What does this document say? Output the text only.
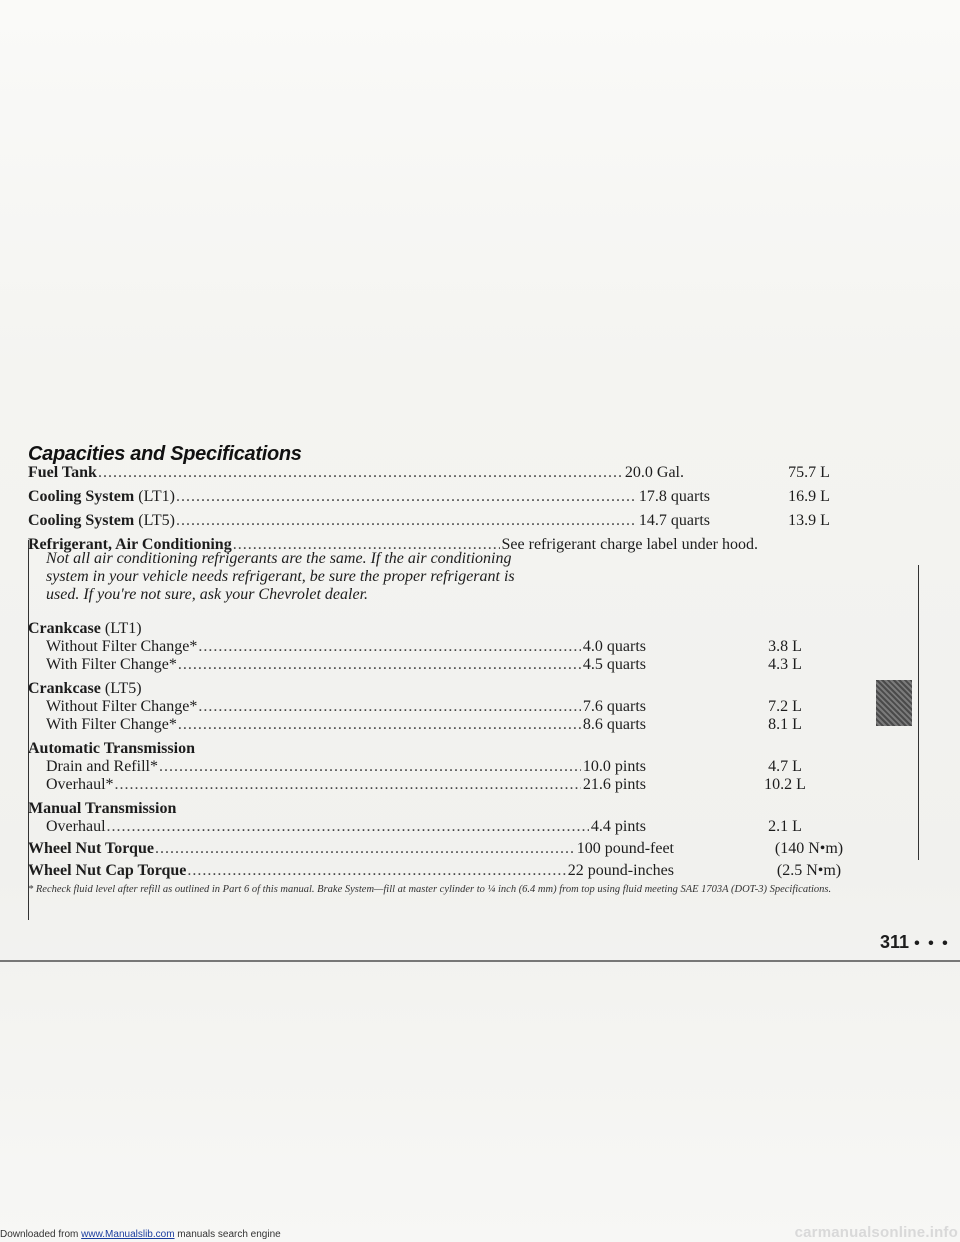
Capacities and Specifications
Fuel Tank .....	20.0 Gal.	75.7 L
Cooling System (LT1) .....	17.8 quarts	16.9 L
Cooling System (LT5) .....	14.7 quarts	13.9 L
Refrigerant, Air Conditioning .....	See refrigerant charge label under hood.

Not all air conditioning refrigerants are the same. If the air conditioning system in your vehicle needs refrigerant, be sure the proper refrigerant is used. If you're not sure, ask your Chevrolet dealer.

Crankcase (LT1)
Without Filter Change* .....	4.0 quarts	3.8 L
With Filter Change* .....	4.5 quarts	4.3 L
Crankcase (LT5)
Without Filter Change* .....	7.6 quarts	7.2 L
With Filter Change* .....	8.6 quarts	8.1 L
Automatic Transmission
Drain and Refill* .....	10.0 pints	4.7 L
Overhaul* .....	21.6 pints	10.2 L
Manual Transmission
Overhaul .....	4.4 pints	2.1 L
Wheel Nut Torque .....	100 pound-feet	(140 N•m)
Wheel Nut Cap Torque .....	22 pound-inches	(2.5 N•m)

* Recheck fluid level after refill as outlined in Part 6 of this manual. Brake System—fill at master cylinder to ¼ inch (6.4 mm) from top using fluid meeting SAE 1703A (DOT-3) Specifications.

311 • • •
Downloaded from www.Manualslib.com manuals search engine	carmanualsonline.info
